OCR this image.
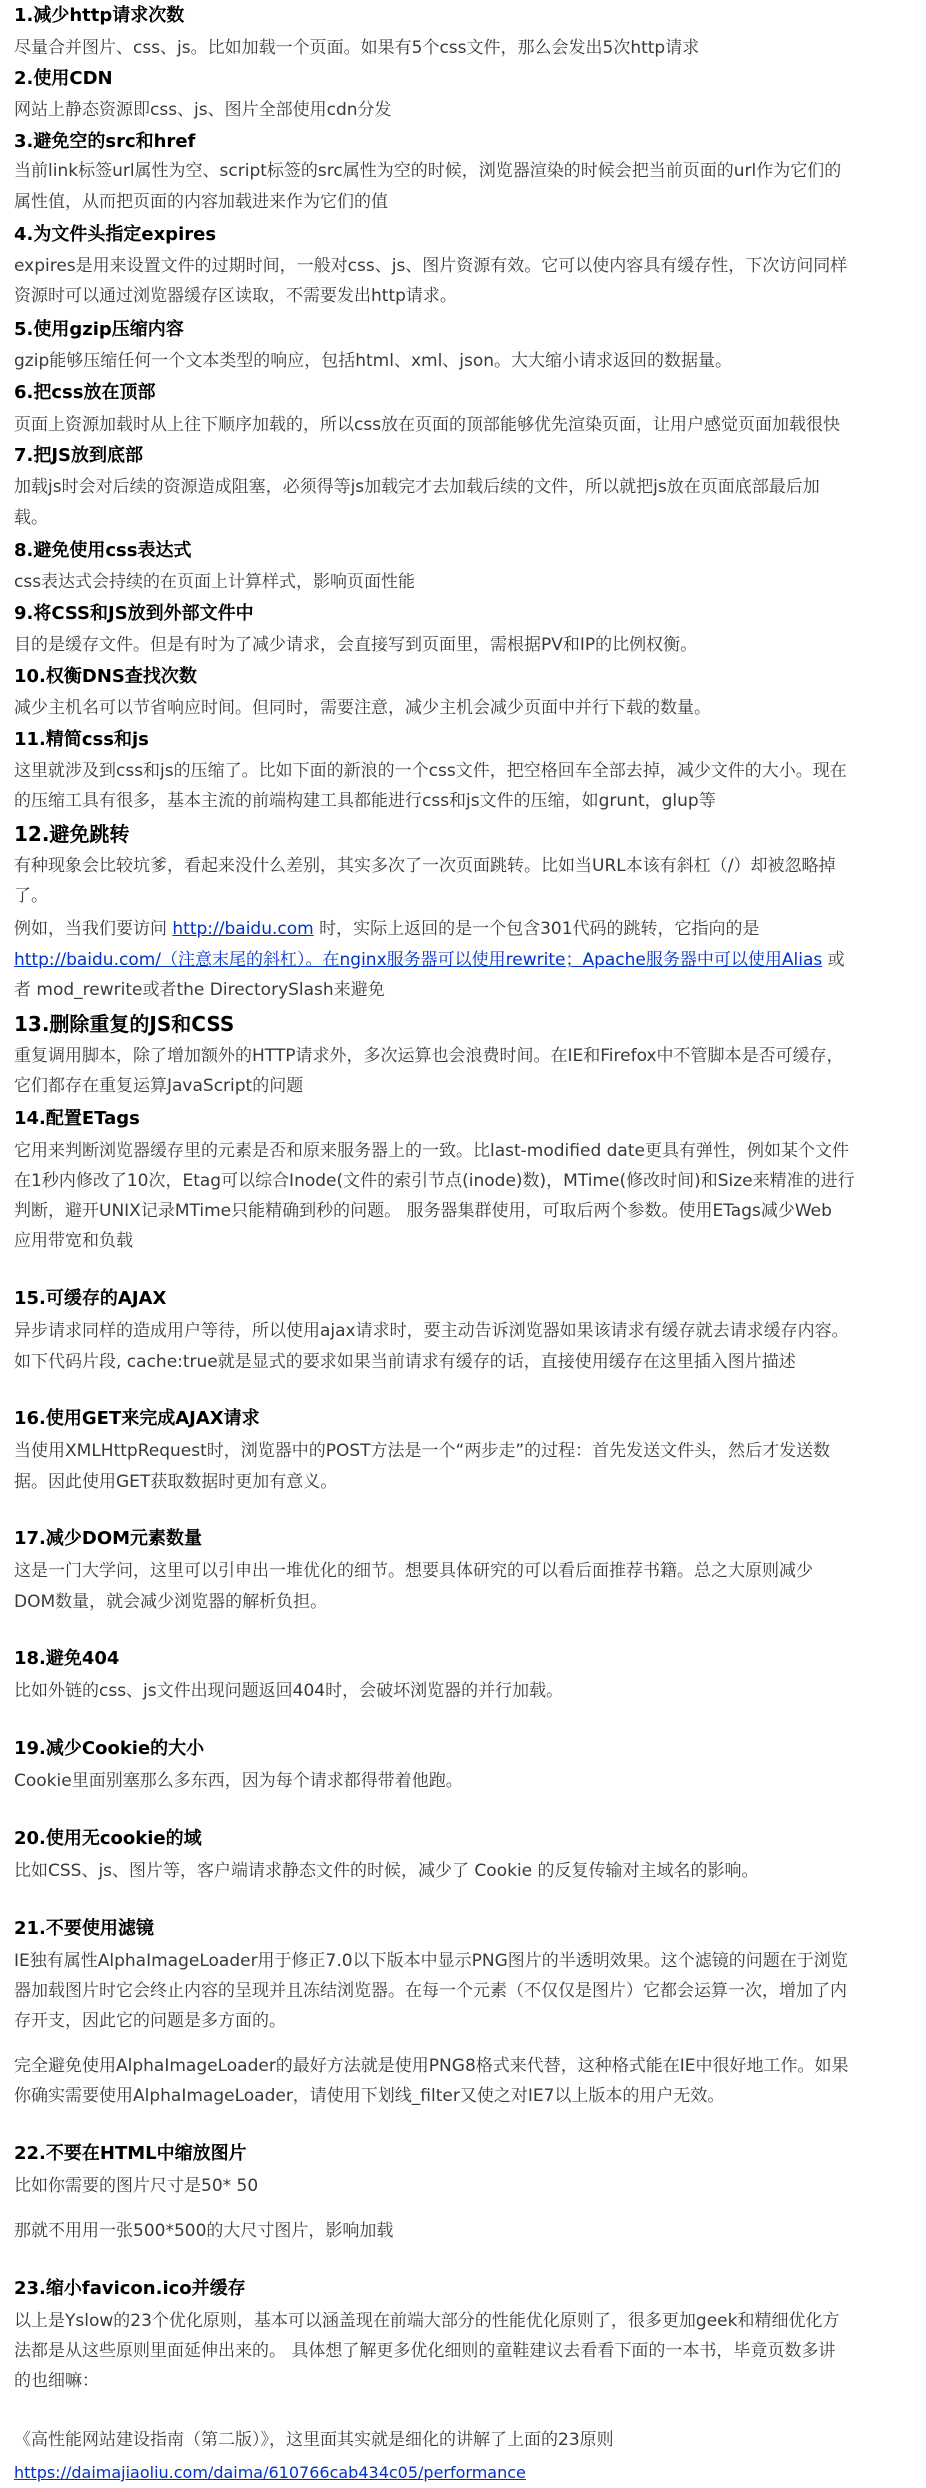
1.减少http请求次数
尽量合并图片、css、js。比如加载一个页面。如果有5个css文件，那么会发出5次http请求
2.使用CDN
网站上静态资源即css、js、图片全部使用cdn分发
3.避免空的src和href
当前link标签url属性为空、script标签的src属性为空的时候，浏览器渲染的时候会把当前页面的url作为它们的
属性值，从而把页面的内容加载进来作为它们的值
4.为文件头指定expires
expires是用来设置文件的过期时间，一般对css、js、图片资源有效。它可以使内容具有缓存性，下次访问同样
资源时可以通过浏览器缓存区读取，不需要发出http请求。
5.使用gzip压缩内容
gzip能够压缩任何一个文本类型的响应，包括html、xml、json。大大缩小请求返回的数据量。
6.把css放在顶部
页面上资源加载时从上往下顺序加载的，所以css放在页面的顶部能够优先渲染页面，让用户感觉页面加载很快
7.把JS放到底部
加载js时会对后续的资源造成阻塞，必须得等js加载完才去加载后续的文件，所以就把js放在页面底部最后加
载。
8.避免使用css表达式
css表达式会持续的在页面上计算样式，影响页面性能
9.将CSS和JS放到外部文件中
目的是缓存文件。但是有时为了减少请求，会直接写到页面里，需根据PV和IP的比例权衡。
10.权衡DNS查找次数
减少主机名可以节省响应时间。但同时，需要注意，减少主机会减少页面中并行下载的数量。
11.精简css和js
这里就涉及到css和js的压缩了。比如下面的新浪的一个css文件，把空格回车全部去掉，减少文件的大小。现在
的压缩工具有很多，基本主流的前端构建工具都能进行css和js文件的压缩，如grunt，glup等
12.避免跳转
有种现象会比较坑爹，看起来没什么差别，其实多次了一次页面跳转。比如当URL本该有斜杠（/）却被忽略掉
了。
例如，当我们要访问 http://baidu.com 时，实际上返回的是一个包含301代码的跳转，它指向的是
http://baidu.com/（注意末尾的斜杠）。在nginx服务器可以使用rewrite；Apache服务器中可以使用Alias 或
者 mod_rewrite或者the DirectorySlash来避免
13.删除重复的JS和CSS
重复调用脚本，除了增加额外的HTTP请求外，多次运算也会浪费时间。在IE和Firefox中不管脚本是否可缓存，
它们都存在重复运算JavaScript的问题
14.配置ETags
它用来判断浏览器缓存里的元素是否和原来服务器上的一致。比last-modified date更具有弹性，例如某个文件
在1秒内修改了10次，Etag可以综合Inode(文件的索引节点(inode)数)，MTime(修改时间)和Size来精准的进行
判断，避开UNIX记录MTime只能精确到秒的问题。 服务器集群使用，可取后两个参数。使用ETags减少Web
应用带宽和负载
15.可缓存的AJAX
异步请求同样的造成用户等待，所以使用ajax请求时，要主动告诉浏览器如果该请求有缓存就去请求缓存内容。
如下代码片段, cache:true就是显式的要求如果当前请求有缓存的话，直接使用缓存在这里插入图片描述
16.使用GET来完成AJAX请求
当使用XMLHttpRequest时，浏览器中的POST方法是一个“两步走”的过程：首先发送文件头，然后才发送数
据。因此使用GET获取数据时更加有意义。
17.减少DOM元素数量
这是一门大学问，这里可以引申出一堆优化的细节。想要具体研究的可以看后面推荐书籍。总之大原则减少
DOM数量，就会减少浏览器的解析负担。
18.避免404
比如外链的css、js文件出现问题返回404时，会破坏浏览器的并行加载。
19.减少Cookie的大小
Cookie里面别塞那么多东西，因为每个请求都得带着他跑。
20.使用无cookie的域
比如CSS、js、图片等，客户端请求静态文件的时候，减少了 Cookie 的反复传输对主域名的影响。
21.不要使用滤镜
IE独有属性AlphaImageLoader用于修正7.0以下版本中显示PNG图片的半透明效果。这个滤镜的问题在于浏览
器加载图片时它会终止内容的呈现并且冻结浏览器。在每一个元素（不仅仅是图片）它都会运算一次，增加了内
存开支，因此它的问题是多方面的。
完全避免使用AlphaImageLoader的最好方法就是使用PNG8格式来代替，这种格式能在IE中很好地工作。如果
你确实需要使用AlphaImageLoader，请使用下划线_filter又使之对IE7以上版本的用户无效。
22.不要在HTML中缩放图片
比如你需要的图片尺寸是50* 50
那就不用用一张500*500的大尺寸图片，影响加载
23.缩小favicon.ico并缓存
以上是Yslow的23个优化原则，基本可以涵盖现在前端大部分的性能优化原则了，很多更加geek和精细优化方
法都是从这些原则里面延伸出来的。 具体想了解更多优化细则的童鞋建议去看看下面的一本书，毕竟页数多讲
的也细嘛：
《高性能网站建设指南（第二版）》，这里面其实就是细化的讲解了上面的23原则
https://daimajiaoliu.com/daima/610766cab434c05/performance
